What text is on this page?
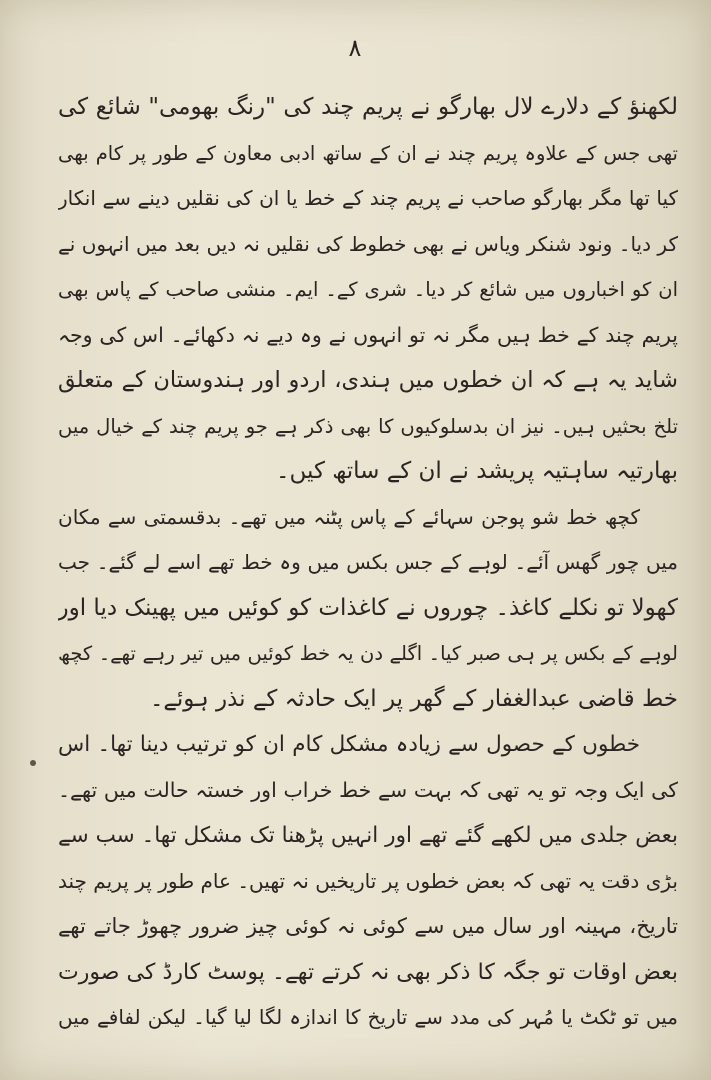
۸
لکھنؤ کے دلارے لال بھارگو نے پریم چند کی "رنگ بھومی" شائع کی
تھی جس کے علاوہ پریم چند نے ان کے ساتھ ادبی معاون کے طور پر کام بھی
کیا تھا مگر بھارگو صاحب نے پریم چند کے خط یا ان کی نقلیں دینے سے انکار
کر دیا۔ ونود شنکر ویاس نے بھی خطوط کی نقلیں نہ دیں بعد میں انہوں نے
ان کو اخباروں میں شائع کر دیا۔ شری کے۔ ایم۔ منشی صاحب کے پاس بھی
پریم چند کے خط ہیں مگر نہ تو انہوں نے وہ دیے نہ دکھائے۔ اس کی وجہ
شاید یہ ہے کہ ان خطوں میں ہندی، اردو اور ہندوستان کے متعلق
تلخ بحثیں ہیں۔ نیز ان بدسلوکیوں کا بھی ذکر ہے جو پریم چند کے خیال میں
بھارتیہ ساہتیہ پریشد نے ان کے ساتھ کیں۔
کچھ خط شو پوجن سہائے کے پاس پٹنہ میں تھے۔ بدقسمتی سے مکان
میں چور گھس آئے۔ لوہے کے جس بکس میں وہ خط تھے اسے لے گئے۔ جب
کھولا تو نکلے کاغذ۔ چوروں نے کاغذات کو کوئیں میں پھینک دیا اور
لوہے کے بکس پر ہی صبر کیا۔ اگلے دن یہ خط کوئیں میں تیر رہے تھے۔ کچھ
خط قاضی عبدالغفار کے گھر پر ایک حادثہ کے نذر ہوئے۔
خطوں کے حصول سے زیادہ مشکل کام ان کو ترتیب دینا تھا۔ اس
کی ایک وجہ تو یہ تھی کہ بہت سے خط خراب اور خستہ حالت میں تھے۔
بعض جلدی میں لکھے گئے تھے اور انہیں پڑھنا تک مشکل تھا۔ سب سے
بڑی دقت یہ تھی کہ بعض خطوں پر تاریخیں نہ تھیں۔ عام طور پر پریم چند
تاریخ، مہینہ اور سال میں سے کوئی نہ کوئی چیز ضرور چھوڑ جاتے تھے
بعض اوقات تو جگہ کا ذکر بھی نہ کرتے تھے۔ پوسٹ کارڈ کی صورت
میں تو ٹکٹ یا مُہر کی مدد سے تاریخ کا اندازہ لگا لیا گیا۔ لیکن لفافے میں
